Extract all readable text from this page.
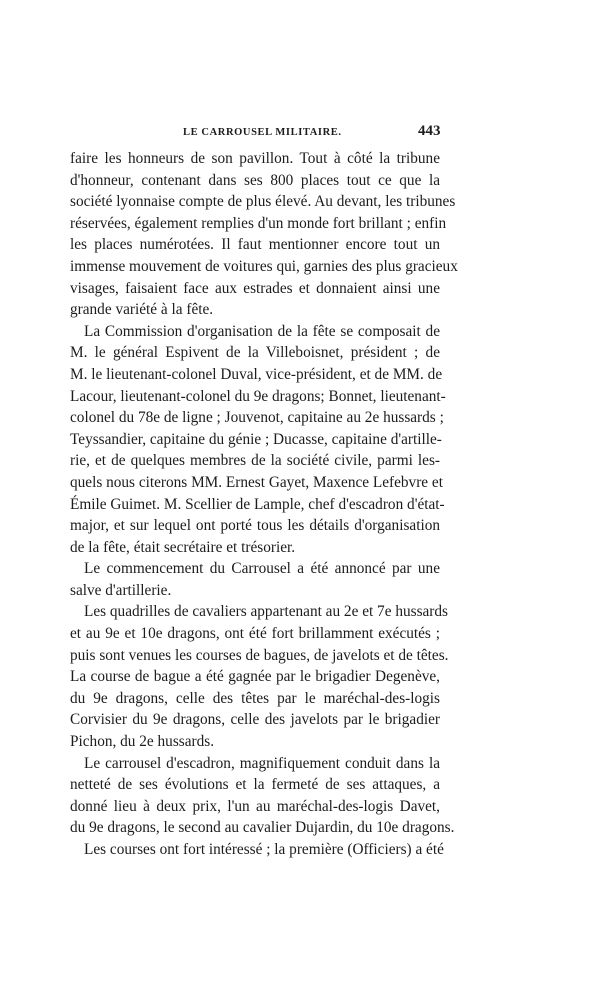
LE CARROUSEL MILITAIRE.	443
faire les honneurs de son pavillon. Tout à côté la tribune
d'honneur, contenant dans ses 800 places tout ce que la
société lyonnaise compte de plus élevé. Au devant, les tribunes
réservées, également remplies d'un monde fort brillant ; enfin
les places numérotées. Il faut mentionner encore tout un
immense mouvement de voitures qui, garnies des plus gracieux
visages, faisaient face aux estrades et donnaient ainsi une
grande variété à la fête.
La Commission d'organisation de la fête se composait de
M. le général Espivent de la Villeboisnet, président ; de
M. le lieutenant-colonel Duval, vice-président, et de MM. de
Lacour, lieutenant-colonel du 9e dragons; Bonnet, lieutenant-
colonel du 78e de ligne ; Jouvenot, capitaine au 2e hussards ;
Teyssandier, capitaine du génie ; Ducasse, capitaine d'artille-
rie, et de quelques membres de la société civile, parmi les-
quels nous citerons MM. Ernest Gayet, Maxence Lefebvre et
Émile Guimet. M. Scellier de Lample, chef d'escadron d'état-
major, et sur lequel ont porté tous les détails d'organisation
de la fête, était secrétaire et trésorier.
Le commencement du Carrousel a été annoncé par une
salve d'artillerie.
Les quadrilles de cavaliers appartenant au 2e et 7e hussards
et au 9e et 10e dragons, ont été fort brillamment exécutés ;
puis sont venues les courses de bagues, de javelots et de têtes.
La course de bague a été gagnée par le brigadier Degenève,
du 9e dragons, celle des têtes par le maréchal-des-logis
Corvisier du 9e dragons, celle des javelots par le brigadier
Pichon, du 2e hussards.
Le carrousel d'escadron, magnifiquement conduit dans la
netteté de ses évolutions et la fermeté de ses attaques, a
donné lieu à deux prix, l'un au maréchal-des-logis Davet,
du 9e dragons, le second au cavalier Dujardin, du 10e dragons.
Les courses ont fort intéressé ; la première (Officiers) a été
